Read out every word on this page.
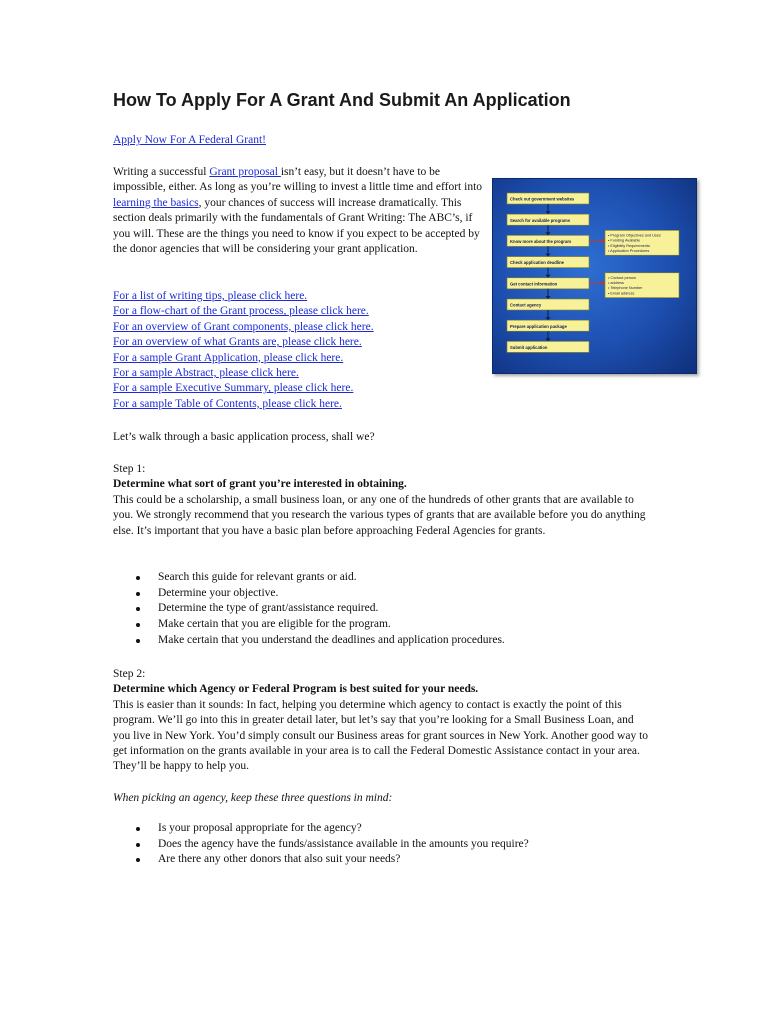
How To Apply For A Grant And Submit An Application
Apply Now For A Federal Grant!
Writing a successful Grant proposal isn’t easy, but it doesn’t have to be impossible, either. As long as you’re willing to invest a little time and effort into learning the basics, your chances of success will increase dramatically. This section deals primarily with the fundamentals of Grant Writing: The ABC’s, if you will. These are the things you need to know if you expect to be accepted by the donor agencies that will be considering your grant application.
Check out government websites
Search for available programs
Know more about the program
Check application deadline
Get contact information
Contact agency
Prepare application package
Submit application
• Program Objectives and Uses
• Funding Available
• Eligibility Requirements
• Application Procedures
• Contact person
• address
• Telephone Number
• Email address
For a list of writing tips, please click here.
For a flow-chart of the Grant process, please click here.
For an overview of Grant components, please click here.
For an overview of what Grants are, please click here.
For a sample Grant Application, please click here.
For a sample Abstract, please click here.
For a sample Executive Summary, please click here.
For a sample Table of Contents, please click here.
Let’s walk through a basic application process, shall we?
Step 1:
Determine what sort of grant you’re interested in obtaining.
This could be a scholarship, a small business loan, or any one of the hundreds of other grants that are available to you. We strongly recommend that you research the various types of grants that are available before you do anything else. It’s important that you have a basic plan before approaching Federal Agencies for grants.
Search this guide for relevant grants or aid.
Determine your objective.
Determine the type of grant/assistance required.
Make certain that you are eligible for the program.
Make certain that you understand the deadlines and application procedures.
Step 2:
Determine which Agency or Federal Program is best suited for your needs.
This is easier than it sounds: In fact, helping you determine which agency to contact is exactly the point of this program. We’ll go into this in greater detail later, but let’s say that you’re looking for a Small Business Loan, and you live in New York. You’d simply consult our Business areas for grant sources in New York. Another good way to get information on the grants available in your area is to call the Federal Domestic Assistance contact in your area. They’ll be happy to help you.
When picking an agency, keep these three questions in mind:
Is your proposal appropriate for the agency?
Does the agency have the funds/assistance available in the amounts you require?
Are there any other donors that also suit your needs?
